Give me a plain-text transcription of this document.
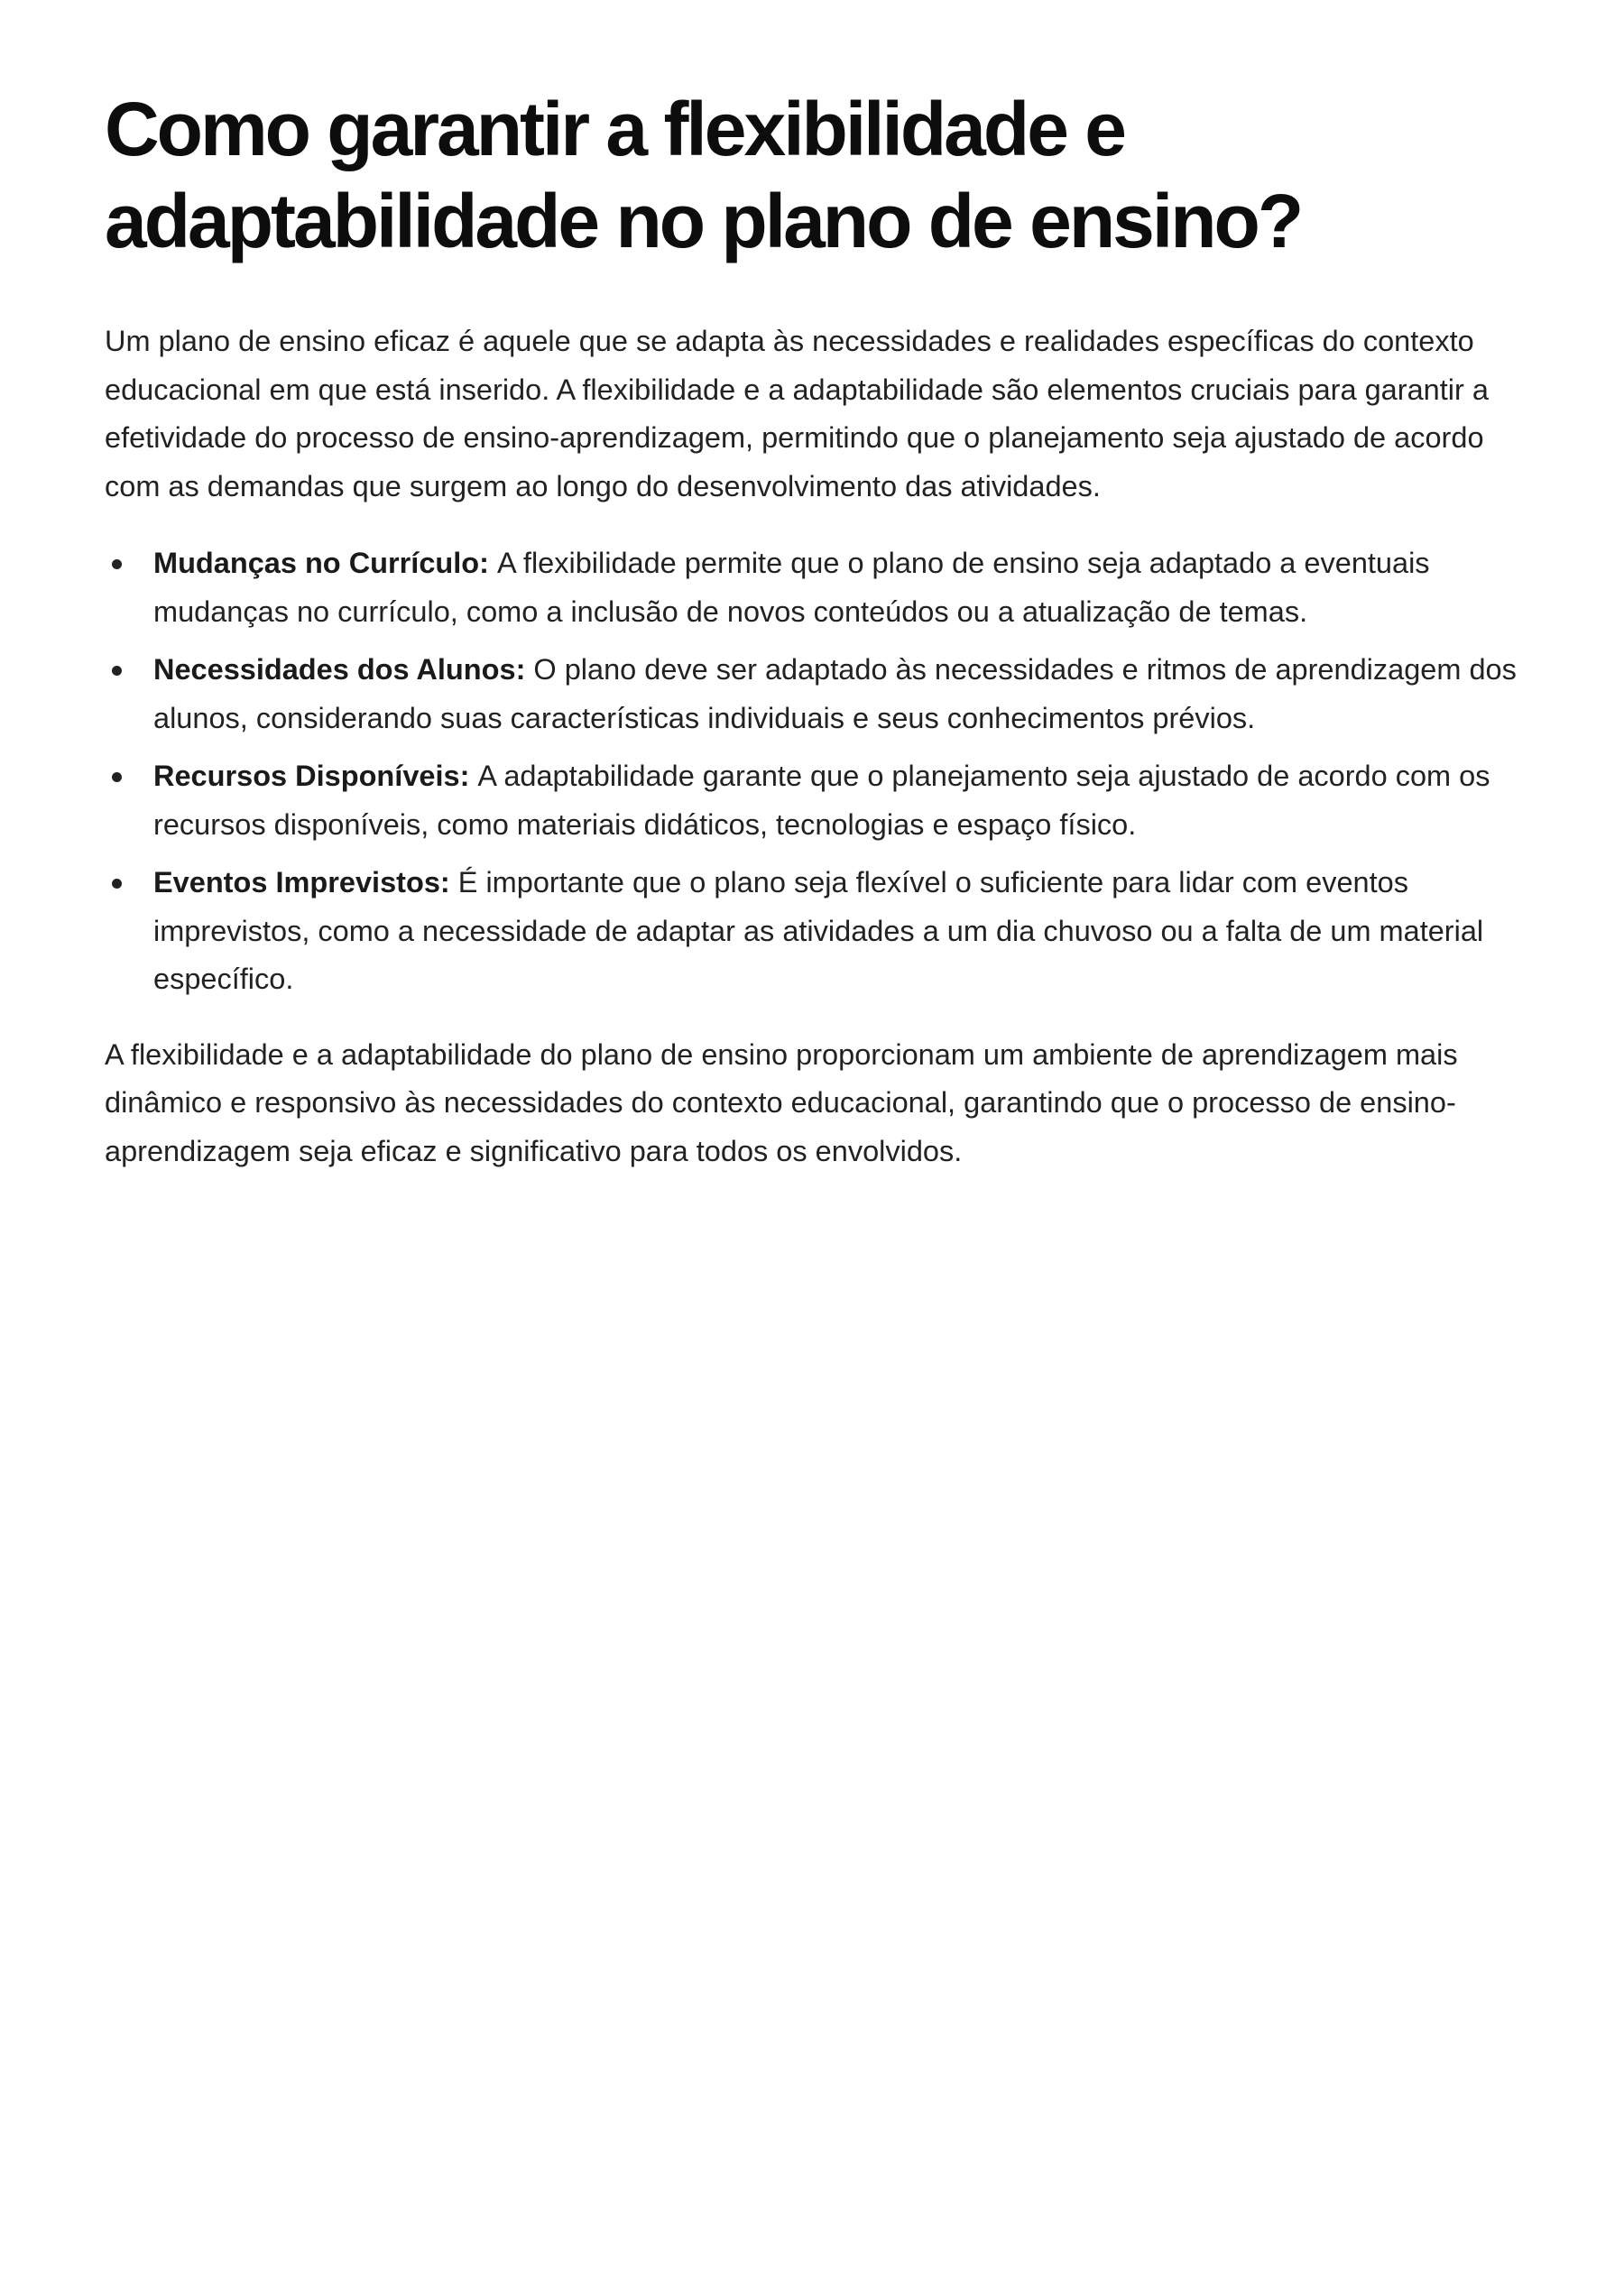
Como garantir a flexibilidade e adaptabilidade no plano de ensino?

Um plano de ensino eficaz é aquele que se adapta às necessidades e realidades específicas do contexto educacional em que está inserido. A flexibilidade e a adaptabilidade são elementos cruciais para garantir a efetividade do processo de ensino-aprendizagem, permitindo que o planejamento seja ajustado de acordo com as demandas que surgem ao longo do desenvolvimento das atividades.

Mudanças no Currículo: A flexibilidade permite que o plano de ensino seja adaptado a eventuais mudanças no currículo, como a inclusão de novos conteúdos ou a atualização de temas.
Necessidades dos Alunos: O plano deve ser adaptado às necessidades e ritmos de aprendizagem dos alunos, considerando suas características individuais e seus conhecimentos prévios.
Recursos Disponíveis: A adaptabilidade garante que o planejamento seja ajustado de acordo com os recursos disponíveis, como materiais didáticos, tecnologias e espaço físico.
Eventos Imprevistos: É importante que o plano seja flexível o suficiente para lidar com eventos imprevistos, como a necessidade de adaptar as atividades a um dia chuvoso ou a falta de um material específico.

A flexibilidade e a adaptabilidade do plano de ensino proporcionam um ambiente de aprendizagem mais dinâmico e responsivo às necessidades do contexto educacional, garantindo que o processo de ensino-aprendizagem seja eficaz e significativo para todos os envolvidos.
